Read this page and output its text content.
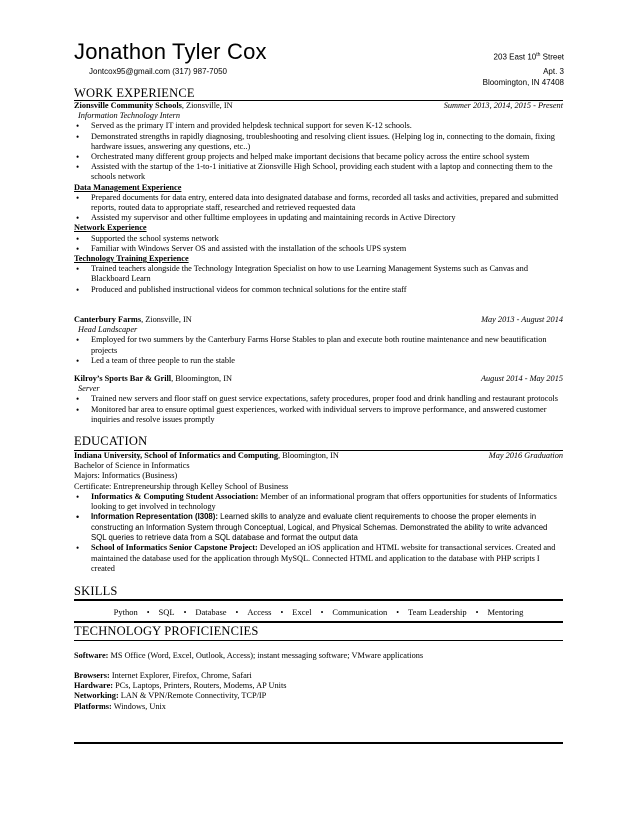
Jonathon Tyler Cox
Jontcox95@gmail.com (317) 987-7050
203 East 10th Street
Apt. 3
Bloomington, IN 47408
WORK EXPERIENCE
Zionsville Community Schools, Zionsville, IN	Summer 2013, 2014, 2015 - Present
Information Technology Intern
• Served as the primary IT intern and provided helpdesk technical support for seven K-12 schools.
• Demonstrated strengths in rapidly diagnosing, troubleshooting and resolving client issues. (Helping log in, connecting to the domain, fixing hardware issues, answering any questions, etc..)
• Orchestrated many different group projects and helped make important decisions that became policy across the entire school system
• Assisted with the startup of the 1-to-1 initiative at Zionsville High School, providing each student with a laptop and connecting them to the schools network
Data Management Experience
• Prepared documents for data entry, entered data into designated database and forms, recorded all tasks and activities, prepared and submitted reports, routed data to appropriate staff, researched and retrieved requested data
• Assisted my supervisor and other fulltime employees in updating and maintaining records in Active Directory
Network Experience
• Supported the school systems network
• Familiar with Windows Server OS and assisted with the installation of the schools UPS system
Technology Training Experience
• Trained teachers alongside the Technology Integration Specialist on how to use Learning Management Systems such as Canvas and Blackboard Learn
• Produced and published instructional videos for common technical solutions for the entire staff
Canterbury Farms, Zionsville, IN	May 2013 - August 2014
Head Landscaper
• Employed for two summers by the Canterbury Farms Horse Stables to plan and execute both routine maintenance and new beautification projects
• Led a team of three people to run the stable
Kilroy’s Sports Bar & Grill, Bloomington, IN	August 2014 - May 2015
Server
• Trained new servers and floor staff on guest service expectations, safety procedures, proper food and drink handling and restaurant protocols
• Monitored bar area to ensure optimal guest experiences, worked with individual servers to improve performance, and answered customer inquiries and resolve issues promptly
EDUCATION
Indiana University, School of Informatics and Computing, Bloomington, IN	May 2016 Graduation
Bachelor of Science in Informatics
Majors: Informatics (Business)
Certificate: Entrepreneurship through Kelley School of Business
• Informatics & Computing Student Association: Member of an informational program that offers opportunities for students of Informatics looking to get involved in technology
• Information Representation (I308): Learned skills to analyze and evaluate client requirements to choose the proper elements in constructing an Information System through Conceptual, Logical, and Physical Schemas. Demonstrated the ability to write advanced SQL queries to retrieve data from a SQL database and format the output data
• School of Informatics Senior Capstone Project: Developed an iOS application and HTML website for transactional services. Created and maintained the database used for the application through MySQL. Connected HTML and application to the database with PHP scripts I created
SKILLS
Python • SQL • Database • Access • Excel • Communication • Team Leadership • Mentoring
TECHNOLOGY PROFICIENCIES
Software: MS Office (Word, Excel, Outlook, Access); instant messaging software; VMware applications
Browsers: Internet Explorer, Firefox, Chrome, Safari
Hardware: PCs, Laptops, Printers, Routers, Modems, AP Units
Networking: LAN & VPN/Remote Connectivity, TCP/IP
Platforms: Windows, Unix
